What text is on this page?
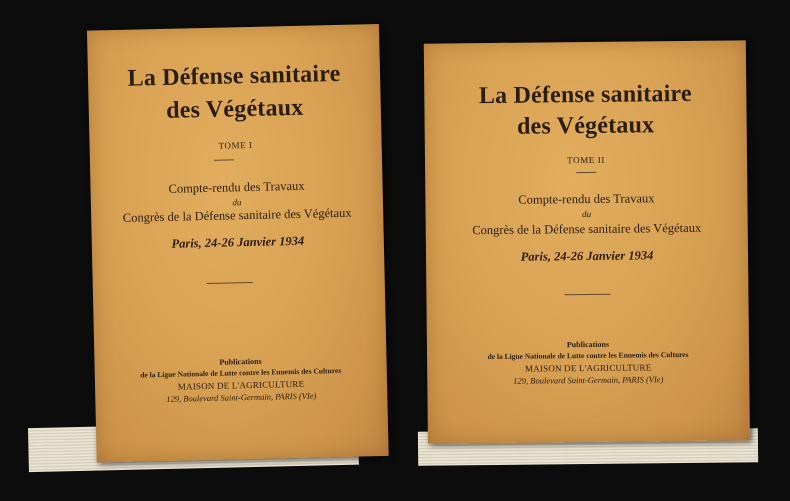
La Défense sanitaire
des Végétaux
TOME I
Compte-rendu des Travaux
du
Congrès de la Défense sanitaire des Végétaux
Paris, 24-26 Janvier 1934
Publications
de la Ligue Nationale de Lutte contre les Ennemis des Cultures
MAISON DE L'AGRICULTURE
129, Boulevard Saint-Germain, PARIS (VIe)
La Défense sanitaire
des Végétaux
TOME II
Compte-rendu des Travaux
du
Congrès de la Défense sanitaire des Végétaux
Paris, 24-26 Janvier 1934
Publications
de la Ligue Nationale de Lutte contre les Ennemis des Cultures
MAISON DE L'AGRICULTURE
129, Boulevard Saint-Germain, PARIS (VIe)
